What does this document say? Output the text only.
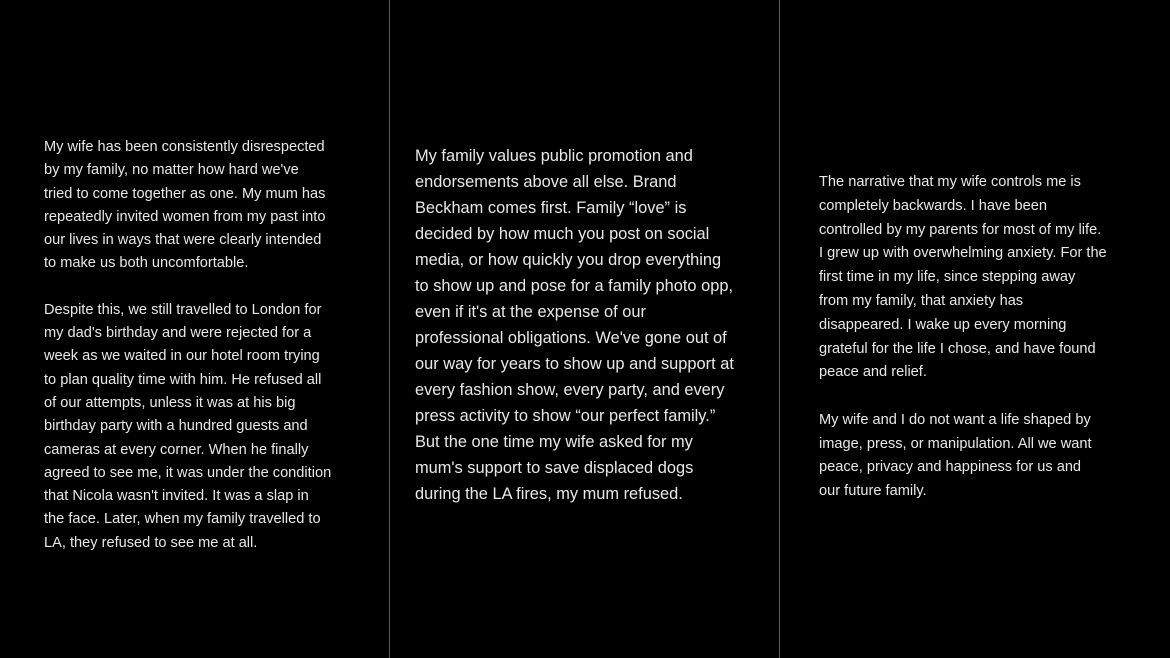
My wife has been consistently disrespected
by my family, no matter how hard we've
tried to come together as one. My mum has
repeatedly invited women from my past into
our lives in ways that were clearly intended
to make us both uncomfortable.

Despite this, we still travelled to London for
my dad's birthday and were rejected for a
week as we waited in our hotel room trying
to plan quality time with him. He refused all
of our attempts, unless it was at his big
birthday party with a hundred guests and
cameras at every corner. When he finally
agreed to see me, it was under the condition
that Nicola wasn't invited. It was a slap in
the face. Later, when my family travelled to
LA, they refused to see me at all.

My family values public promotion and
endorsements above all else. Brand
Beckham comes first. Family “love” is
decided by how much you post on social
media, or how quickly you drop everything
to show up and pose for a family photo opp,
even if it's at the expense of our
professional obligations. We've gone out of
our way for years to show up and support at
every fashion show, every party, and every
press activity to show “our perfect family.”
But the one time my wife asked for my
mum's support to save displaced dogs
during the LA fires, my mum refused.

The narrative that my wife controls me is
completely backwards. I have been
controlled by my parents for most of my life.
I grew up with overwhelming anxiety. For the
first time in my life, since stepping away
from my family, that anxiety has
disappeared. I wake up every morning
grateful for the life I chose, and have found
peace and relief.

My wife and I do not want a life shaped by
image, press, or manipulation. All we want
peace, privacy and happiness for us and
our future family.
